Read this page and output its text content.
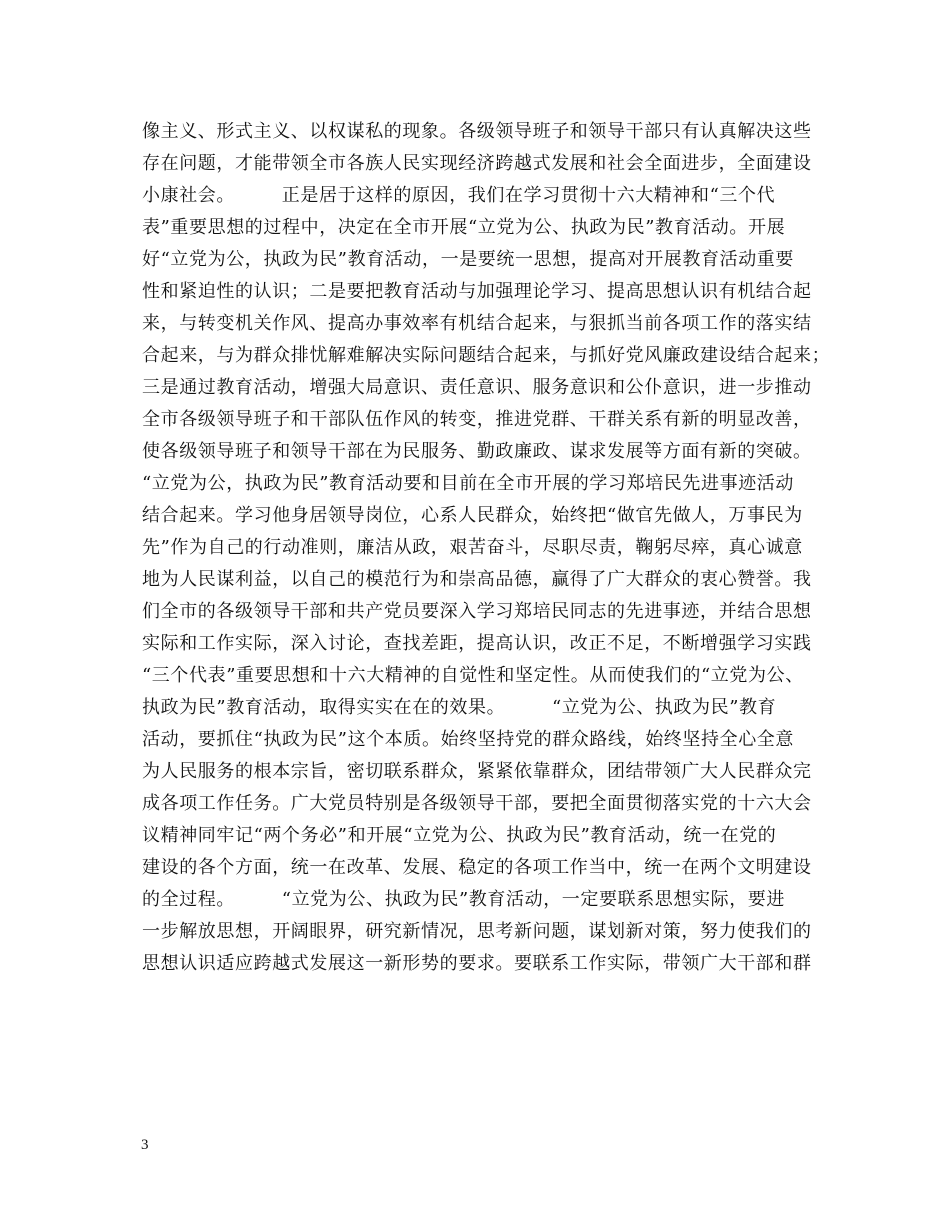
像主义、形式主义、以权谋私的现象。各级领导班子和领导干部只有认真解决这些
存在问题，才能带领全市各族人民实现经济跨越式发展和社会全面进步，全面建设
小康社会。　　　正是居于这样的原因，我们在学习贯彻十六大精神和“三个代
表”重要思想的过程中，决定在全市开展“立党为公、执政为民”教育活动。开展
好“立党为公，执政为民”教育活动，一是要统一思想，提高对开展教育活动重要
性和紧迫性的认识；二是要把教育活动与加强理论学习、提高思想认识有机结合起
来，与转变机关作风、提高办事效率有机结合起来，与狠抓当前各项工作的落实结
合起来，与为群众排忧解难解决实际问题结合起来，与抓好党风廉政建设结合起来；
三是通过教育活动，增强大局意识、责任意识、服务意识和公仆意识，进一步推动
全市各级领导班子和干部队伍作风的转变，推进党群、干群关系有新的明显改善，
使各级领导班子和领导干部在为民服务、勤政廉政、谋求发展等方面有新的突破。
“立党为公，执政为民”教育活动要和目前在全市开展的学习郑培民先进事迹活动
结合起来。学习他身居领导岗位，心系人民群众，始终把“做官先做人，万事民为
先”作为自己的行动准则，廉洁从政，艰苦奋斗，尽职尽责，鞠躬尽瘁，真心诚意
地为人民谋利益，以自己的模范行为和崇高品德，赢得了广大群众的衷心赞誉。我
们全市的各级领导干部和共产党员要深入学习郑培民同志的先进事迹，并结合思想
实际和工作实际，深入讨论，查找差距，提高认识，改正不足，不断增强学习实践
“三个代表”重要思想和十六大精神的自觉性和坚定性。从而使我们的“立党为公、
执政为民”教育活动，取得实实在在的效果。　　　“立党为公、执政为民”教育
活动，要抓住“执政为民”这个本质。始终坚持党的群众路线，始终坚持全心全意
为人民服务的根本宗旨，密切联系群众，紧紧依靠群众，团结带领广大人民群众完
成各项工作任务。广大党员特别是各级领导干部，要把全面贯彻落实党的十六大会
议精神同牢记“两个务必”和开展“立党为公、执政为民”教育活动，统一在党的
建设的各个方面，统一在改革、发展、稳定的各项工作当中，统一在两个文明建设
的全过程。　　　“立党为公、执政为民”教育活动，一定要联系思想实际，要进
一步解放思想，开阔眼界，研究新情况，思考新问题，谋划新对策，努力使我们的
思想认识适应跨越式发展这一新形势的要求。要联系工作实际，带领广大干部和群
3
